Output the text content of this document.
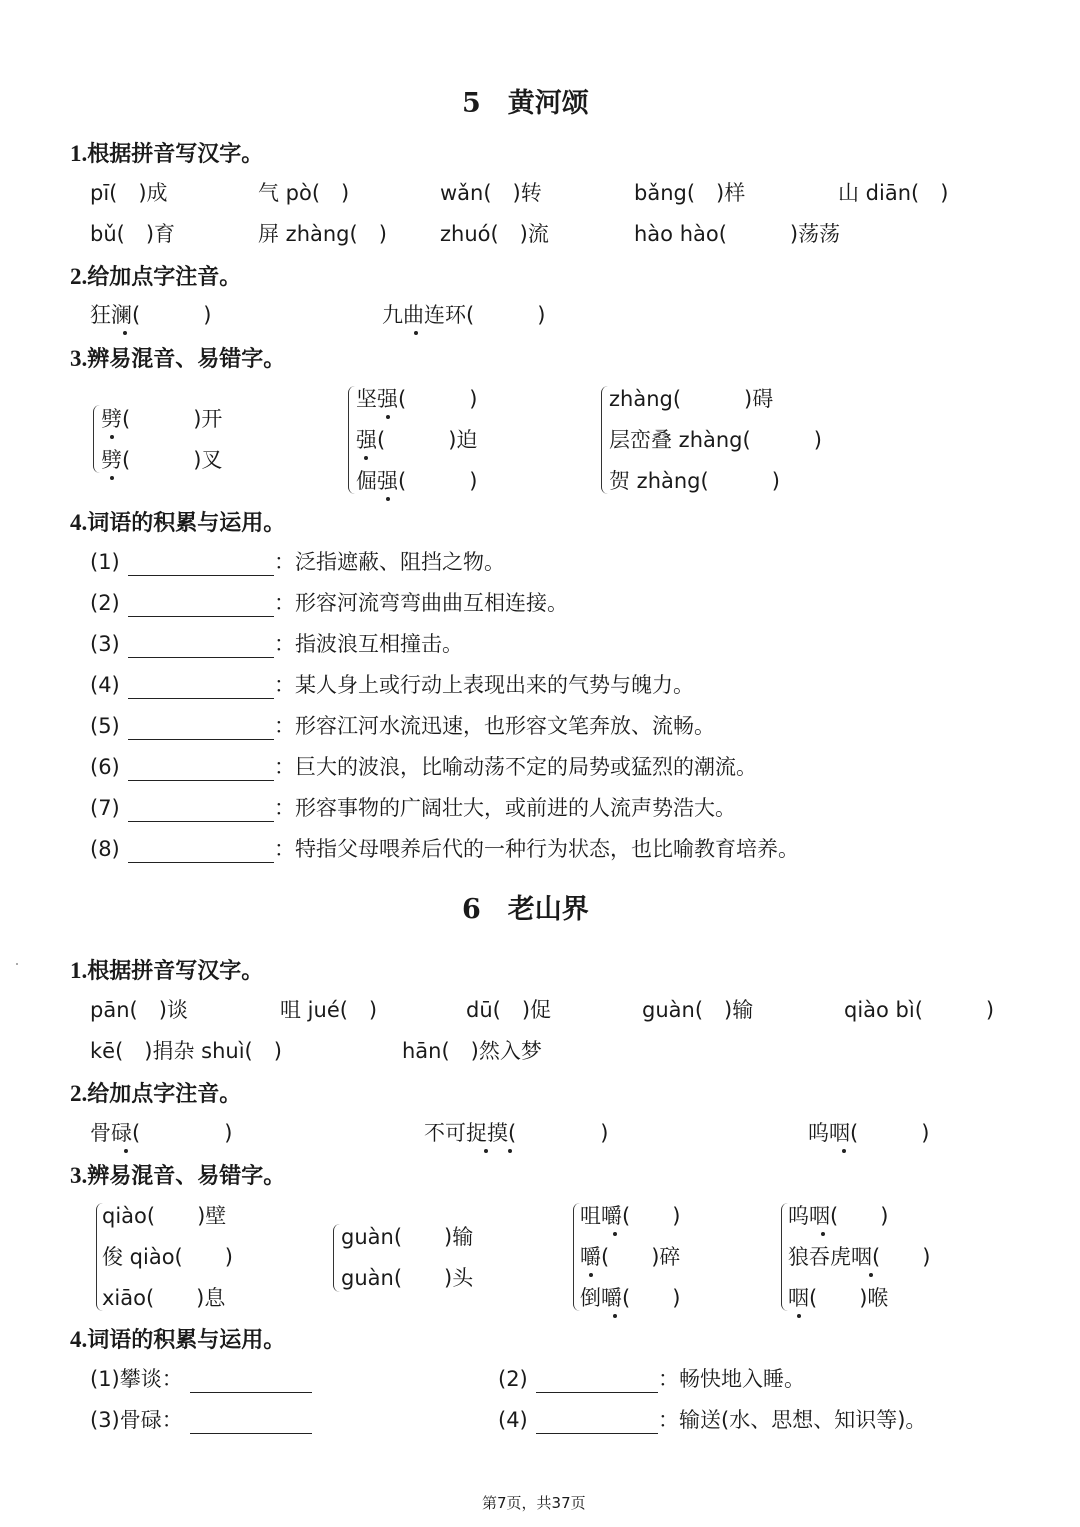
5　黄河颂
1.根据拼音写汉字。
pī(　)成	气 pò(　)	wǎn(　)转	bǎng(　)样	山 diān(　)
bǔ(　)育	屏 zhàng(　)	zhuó(　)流	hào hào(　　　)荡荡
2.给加点字注音。
狂澜(　　　)	九曲连环(　　　)
3.辨易混音、易错字。
劈(　　　)开
劈(　　　)叉
坚强(　　　)
强(　　　)迫
倔强(　　　)
zhàng(　　　)碍
层峦叠 zhàng(　　　)
贺 zhàng(　　　)
4.词语的积累与运用。
(1)	：泛指遮蔽、阻挡之物。
(2)	：形容河流弯弯曲曲互相连接。
(3)	：指波浪互相撞击。
(4)	：某人身上或行动上表现出来的气势与魄力。
(5)	：形容江河水流迅速，也形容文笔奔放、流畅。
(6)	：巨大的波浪，比喻动荡不定的局势或猛烈的潮流。
(7)	：形容事物的广阔壮大，或前进的人流声势浩大。
(8)	：特指父母喂养后代的一种行为状态，也比喻教育培养。
6　老山界
1.根据拼音写汉字。
pān(　)谈	咀 jué(　)	dū(　)促	guàn(　)输	qiào bì(　　　)
kē(　)捐杂 shuì(　)	hān(　)然入梦
2.给加点字注音。
骨碌(　　　　)	不可捉摸(　　　　)	呜咽(　　　)
3.辨易混音、易错字。
qiào(　　)壁
俊 qiào(　　)
xiāo(　　)息
guàn(　　)输
guàn(　　)头
咀嚼(　　)
嚼(　　)碎
倒嚼(　　)
呜咽(　　)
狼吞虎咽(　　)
咽(　　)喉
4.词语的积累与运用。
(1)攀谈：	(2)	：畅快地入睡。
(3)骨碌：	(4)	：输送(水、思想、知识等)。
第7页，共37页
